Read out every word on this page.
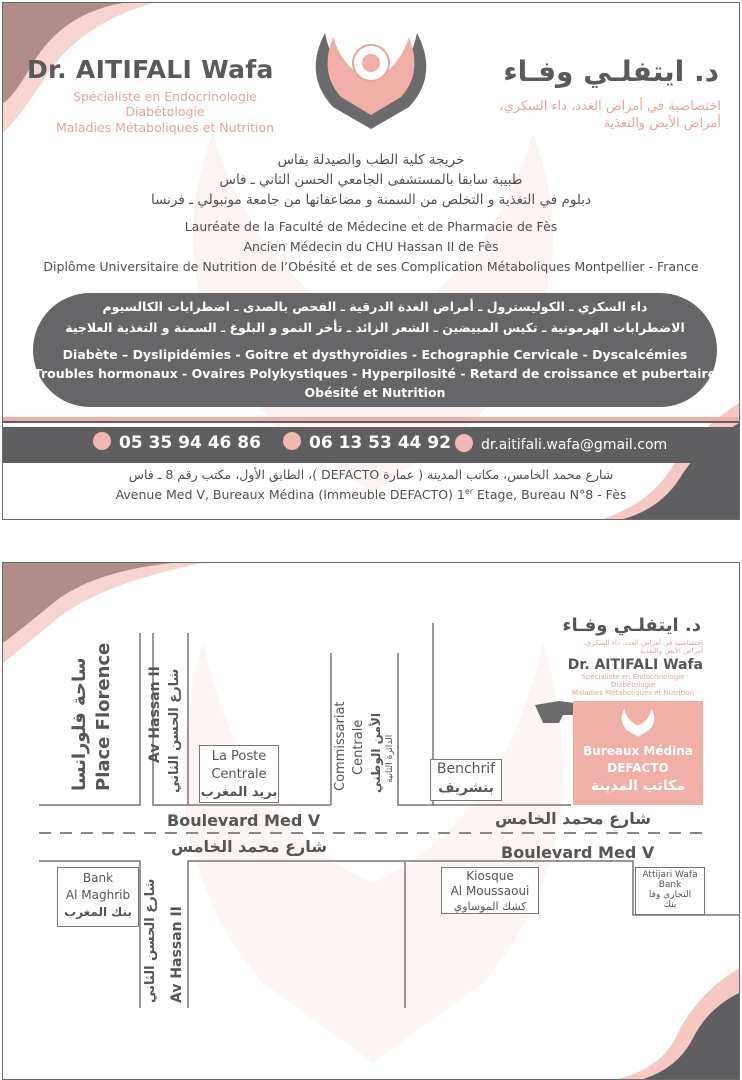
Dr. AITIFALI Wafa
Spécialiste en Endocrinologie
Diabétologie
Maladies Métaboliques et Nutrition
د. ايتفلـي وفـاء
اختصاصية في أمراض الغدد، داء السكري،
أمراض الأيض والتغذية
خريجة كلية الطب والصيدلة بفاس
طبيبة سابقا بالمستشفى الجامعي الحسن الثاني ـ فاس
دبلوم في التغذية و التخلص من السمنة و مضاعفاتها من جامعة مونبولي ـ فرنسا
Lauréate de la Faculté de Médecine et de Pharmacie de Fès
Ancien Médecin du CHU Hassan II de Fès
Diplôme Universitaire de Nutrition de l’Obésité et de ses Complication Métaboliques Montpellier - France
داء السكري ـ الكوليسترول ـ أمراض الغدة الدرقية ـ الفحص بالصدى ـ اضطرابات الكالسيوم
الاضطرابات الهرمونية ـ تكيس المبيضين ـ الشعر الزائد ـ تأخر النمو و البلوغ ـ السمنة و التغذية العلاجية
Diabète – Dyslipidémies - Goitre et dysthyroïdies - Echographie Cervicale - Dyscalcémies
Troubles hormonaux - Ovaires Polykystiques - Hyperpilosité - Retard de croissance et pubertaire
Obésité et Nutrition
05 35 94 46 86	06 13 53 44 92	dr.aitifali.wafa@gmail.com
شارع محمد الخامس، مكاتب المدينة ( عمارة DEFACTO )، الطابق الأول، مكتب رقم 8 ـ فاس
Avenue Med V, Bureaux Médina (Immeuble DEFACTO) 1er Etage, Bureau N°8 - Fès
Place Florence
ساحة فلورانسا	Av Hassan II شارع الحسن الثاني
Av Hassan II
شارع الحسن الثاني
La Poste
Centrale
بريد المغرب
Commissariat Centrale الأمن الوطني الدائرة الثانية	Benchrif
بنشريف
د. ايتفلـي وفـاء
اختصاصية في أمراض الغدد، داء السكري،
أمراض الأيض والتغذية
Dr. AITIFALI Wafa
Spécialiste en Endocrinologie
Diabétologie
Maladies Métaboliques et Nutrition
Bureaux Médina
DEFACTO
مكاتب المدينة
Boulevard Med V
شارع محمد الخامس
شارع محمد الخامس
Boulevard Med V
Bank
Al Maghrib
بنك المغرب
Kiosque
Al Moussaoui
كشك الموساوي
Attijari Wafa
Bank
التجاري وفا
بنك
